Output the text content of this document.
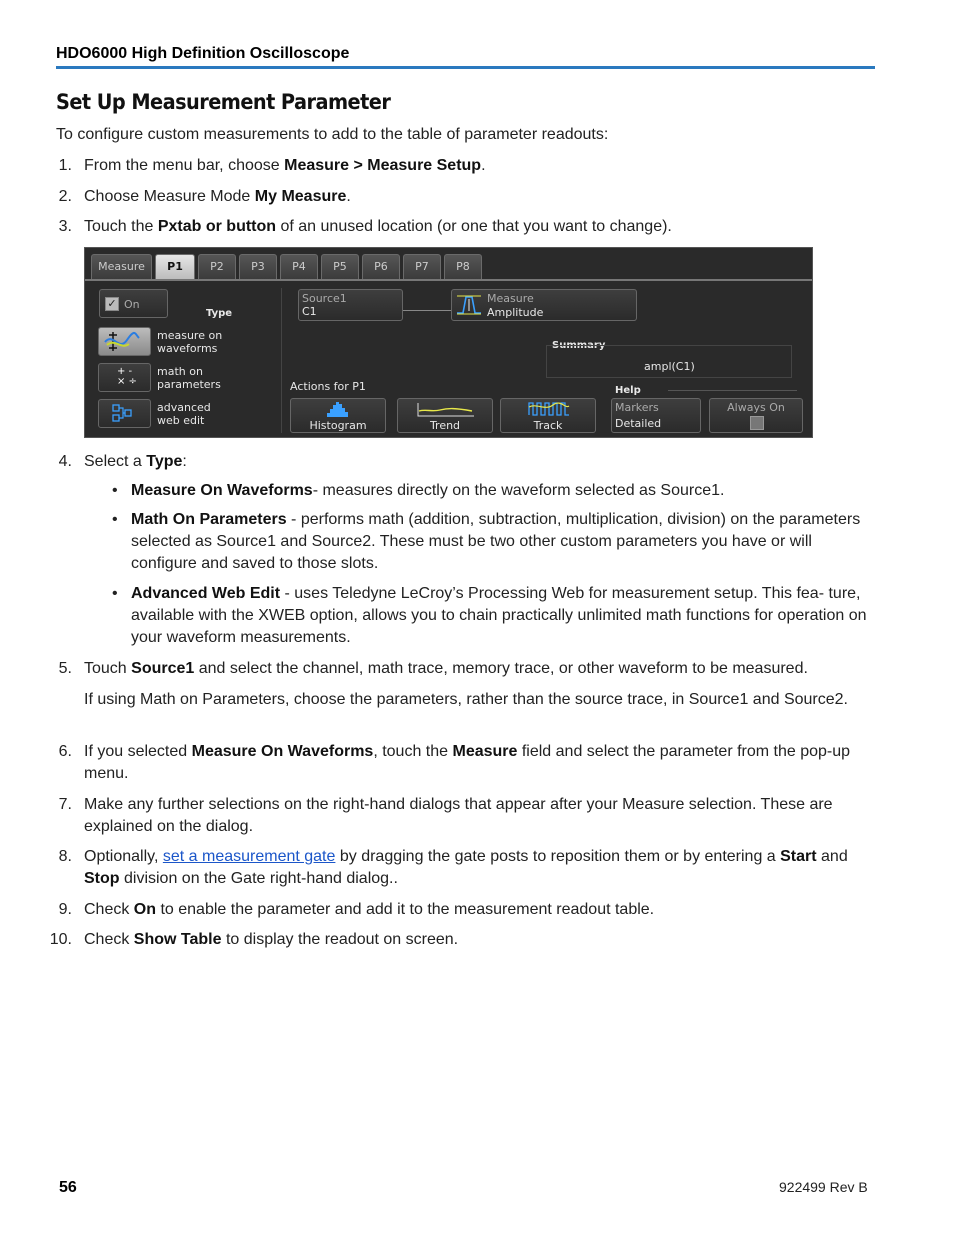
HDO6000 High Definition Oscilloscope
Set Up Measurement Parameter
To configure custom measurements to add to the table of parameter readouts:
1. From the menu bar, choose Measure > Measure Setup.
2. Choose Measure Mode My Measure.
3. Touch the Pxtab or button of an unused location (or one that you want to change).
Measure	P1	P2	P3	P4	P5	P6	P7	P8
✓ On
Type
measure on
waveforms
+ -
× ÷
math on
parameters
advanced
web edit
Source1
C1
Measure
Amplitude
Summary
ampl(C1)
Actions for P1	Help
Histogram	Trend	Track
Markers
Detailed
Always On
4. Select a Type:
• Measure On Waveforms- measures directly on the waveform selected as Source1.
• Math On Parameters - performs math (addition, subtraction, multiplication, division) on the parameters selected as Source1 and Source2. These must be two other custom parameters you have or will configure and saved to those slots.
• Advanced Web Edit - uses Teledyne LeCroy’s Processing Web for measurement setup. This fea- ture, available with the XWEB option, allows you to chain practically unlimited math functions for operation on your waveform measurements.
5. Touch Source1 and select the channel, math trace, memory trace, or other waveform to be measured.
If using Math on Parameters, choose the parameters, rather than the source trace, in Source1 and Source2.
6. If you selected Measure On Waveforms, touch the Measure field and select the parameter from the pop-up menu.
7. Make any further selections on the right-hand dialogs that appear after your Measure selection. These are explained on the dialog.
8. Optionally, set a measurement gate by dragging the gate posts to reposition them or by entering a Start and Stop division on the Gate right-hand dialog..
9. Check On to enable the parameter and add it to the measurement readout table.
10. Check Show Table to display the readout on screen.
56	922499 Rev B
